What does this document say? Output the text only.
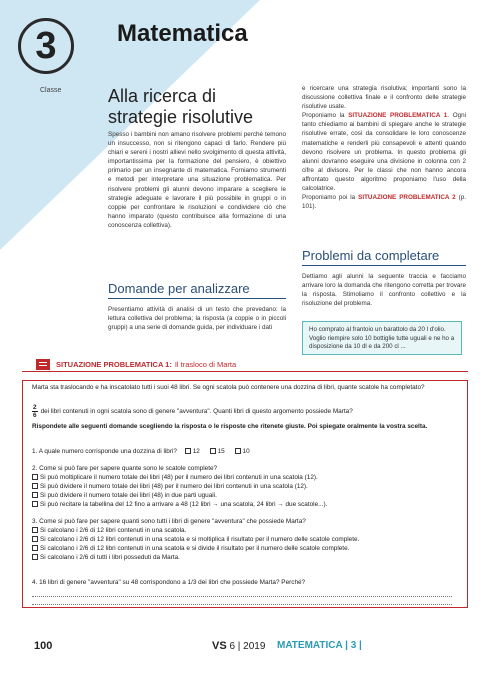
3
Classe
Matematica
Alla ricerca di strategie risolutive
Spesso i bambini non amano risolvere problemi perché temono un insuccesso, non si ritengono capaci di farlo. Rendere più chiari e sereni i nostri allievi nello svolgimento di questa attività, importantissima per la formazione del pensiero, è obiettivo primario per un insegnante di matematica. Forniamo strumenti e metodi per interpretare una situazione problematica. Per risolvere problemi gli alunni devono imparare a scegliere le strategie adeguate e lavorare il più possibile in gruppi o in coppie per confrontare le risoluzioni e condividere ciò che hanno imparato (questo contribuisce alla formazione di una conoscenza collettiva).
Domande per analizzare
Presentiamo attività di analisi di un testo che prevedano: la lettura collettiva del problema; la risposta (a coppie o in piccoli gruppi) a una serie di domande guida, per individuare i dati
e ricercare una strategia risolutiva; importanti sono la discussione collettiva finale e il confronto delle strategie risolutive usate.
Proponiamo la SITUAZIONE PROBLEMATICA 1. Ogni tanto chiediamo ai bambini di spiegare anche le strategie risolutive errate, così da consolidare le loro conoscenze matematiche e renderli più consapevoli e attenti quando devono risolvere un problema. In questo problema gli alunni dovranno eseguire una divisione in colonna con 2 cifre al divisore. Per le classi che non hanno ancora affrontato questo algoritmo proponiamo l'uso della calcolatrice.
Proponiamo poi la SITUAZIONE PROBLEMATICA 2 (p. 101).
Problemi da completare
Dettiamo agli alunni la seguente traccia e facciamo arrivare loro la domanda che ritengono corretta per trovare la risposta. Stimoliamo il confronto collettivo e la risoluzione del problema.
Ho comprato al frantoio un barattolo da 20 l d'olio. Voglio riempire solo 10 bottiglie tutte uguali e ne ho a disposizione da 10 dl e da 200 cl ...
SITUAZIONE PROBLEMATICA 1: Il trasloco di Marta
Marta sta traslocando e ha inscatolato tutti i suoi 48 libri. Se ogni scatola può contenere una dozzina di libri, quante scatole ha completato?
$\frac{2}{6}$ dei libri contenuti in ogni scatola sono di genere "avventura". Quanti libri di questo argomento possiede Marta?
Rispondete alle seguenti domande scegliendo la risposta o le risposte che ritenete giuste. Poi spiegate oralmente la vostra scelta.
1. A quale numero corrisponde una dozzina di libri? 12	15	10
2. Come si può fare per sapere quante sono le scatole complete?
Si può moltiplicare il numero totale dei libri (48) per il numero dei libri contenuti in una scatola (12).
Si può dividere il numero totale dei libri (48) per il numero dei libri contenuti in una scatola (12).
Si può dividere il numero totale dei libri (48) in due parti uguali.
Si può recitare la tabellina del 12 fino a arrivare a 48 (12 libri → una scatola, 24 libri → due scatole...).
3. Come si può fare per sapere quanti sono tutti i libri di genere "avventura" che possiede Marta?
Si calcolano i 2/6 di 12 libri contenuti in una scatola.
Si calcolano i 2/6 di 12 libri contenuti in una scatola e si moltiplica il risultato per il numero delle scatole complete.
Si calcolano i 2/6 di 12 libri contenuti in una scatola e si divide il risultato per il numero delle scatole complete.
Si calcolano i 2/6 di tutti i libri posseduti da Marta.
4. 16 libri di genere "avventura" su 48 corrispondono a 1/3 dei libri che possiede Marta? Perché?
100	VS 6 | 2019 MATEMATICA | 3 |
